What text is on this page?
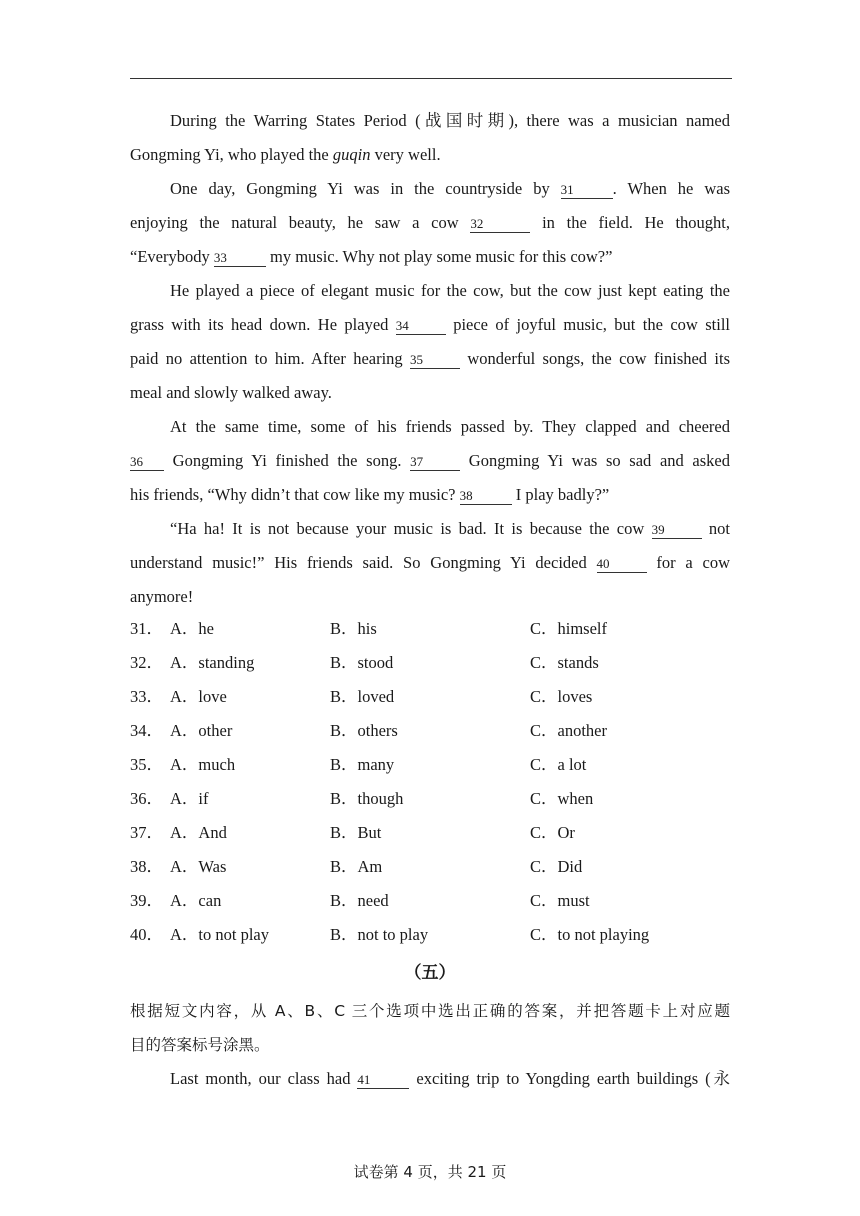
During the Warring States Period (战国时期), there was a musician named
Gongming Yi, who played the guqin very well.
One day, Gongming Yi was in the countryside by 31 . When he was
enjoying the natural beauty, he saw a cow 32	in the field. He thought,
“Everybody 33 my music. Why not play some music for this cow?”
He played a piece of elegant music for the cow, but the cow just kept eating the
grass with its head down. He played 34 piece of joyful music, but the cow still
paid no attention to him. After hearing 35 wonderful songs, the cow finished its
meal and slowly walked away.
At the same time, some of his friends passed by. They clapped and cheered
36 Gongming Yi finished the song. 37 Gongming Yi was so sad and asked
his friends, “Why didn’t that cow like my music? 38 I play badly?”
“Ha ha! It is not because your music is bad. It is because the cow 39 not
understand music!” His friends said. So Gongming Yi decided 40 for a cow
anymore!
31． A．he	B．his	C．himself
32． A．standing	B．stood	C．stands
33． A．love	B．loved	C．loves
34． A．other	B．others	C．another
35． A．much	B．many	C．a lot
36． A．if	B．though	C．when
37． A．And	B．But	C．Or
38． A．Was	B．Am	C．Did
39． A．can	B．need	C．must
40． A．to not play	B．not to play	C．to not playing
（五）
根据短文内容，从 A、B、C 三个选项中选出正确的答案，并把答题卡上对应题
目的答案标号涂黑。
Last month, our class had 41 exciting trip to Yongding earth buildings (永
试卷第 4 页，共 21 页
